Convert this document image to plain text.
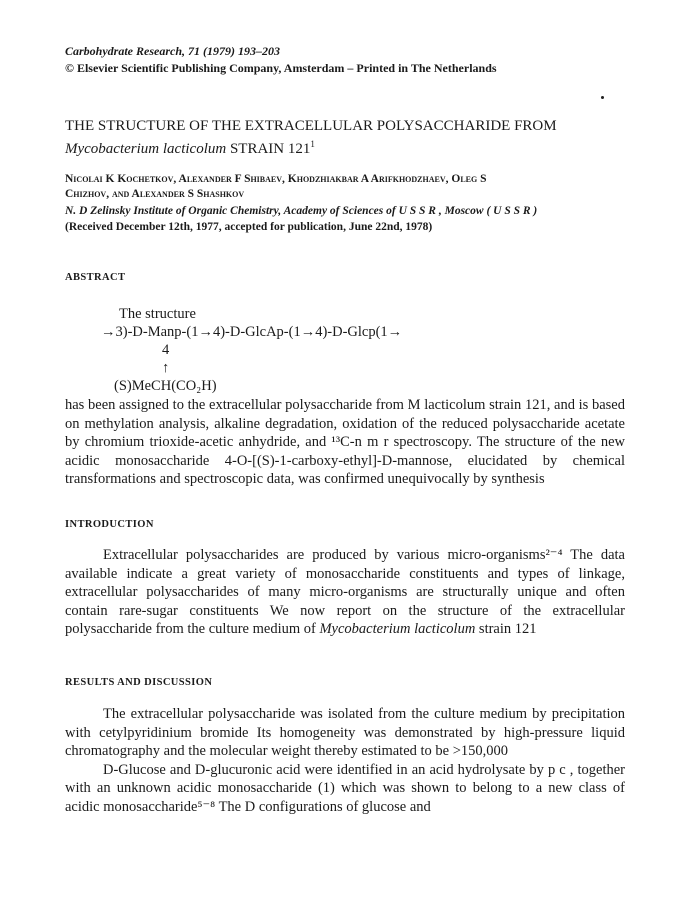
Carbohydrate Research, 71 (1979) 193–203
© Elsevier Scientific Publishing Company, Amsterdam – Printed in The Netherlands
THE STRUCTURE OF THE EXTRACELLULAR POLYSACCHARIDE FROM
Mycobacterium lacticolum STRAIN $121^1$
Nicolai K Kochetkov, Alexander F Shibaev, Khodzhiakbar A Arifkhodzhaev, Oleg S
Chizhov, and Alexander S Shashkov
N. D Zelinsky Institute of Organic Chemistry, Academy of Sciences of U S S R , Moscow ( U S S R )
(Received December 12th, 1977, accepted for publication, June 22nd, 1978)
ABSTRACT
The structure
→3)-D-Manp-(1→4)-D-GlcAp-(1→4)-D-Glcp(1→
4
↑
(S)MeCH(CO₂H)
has been assigned to the extracellular polysaccharide from M lacticolum strain 121, and is based on methylation analysis, alkaline degradation, oxidation of the reduced polysaccharide acetate by chromium trioxide-acetic anhydride, and ¹³C-n m r spectroscopy. The structure of the new acidic monosaccharide 4-O-[(S)-1-carboxy-ethyl]-D-mannose, elucidated by chemical transformations and spectroscopic data, was confirmed unequivocally by synthesis
INTRODUCTION
Extracellular polysaccharides are produced by various micro-organisms²⁻⁴ The data available indicate a great variety of monosaccharide constituents and types of linkage, extracellular polysaccharides of many micro-organisms are structurally unique and often contain rare-sugar constituents We now report on the structure of the extracellular polysaccharide from the culture medium of Mycobacterium lacticolum strain 121
RESULTS AND DISCUSSION
The extracellular polysaccharide was isolated from the culture medium by precipitation with cetylpyridinium bromide Its homogeneity was demonstrated by high-pressure liquid chromatography and the molecular weight thereby estimated to be >150,000
D-Glucose and D-glucuronic acid were identified in an acid hydrolysate by p c , together with an unknown acidic monosaccharide (1) which was shown to belong to a new class of acidic monosaccharide⁵⁻⁸ The D configurations of glucose and
